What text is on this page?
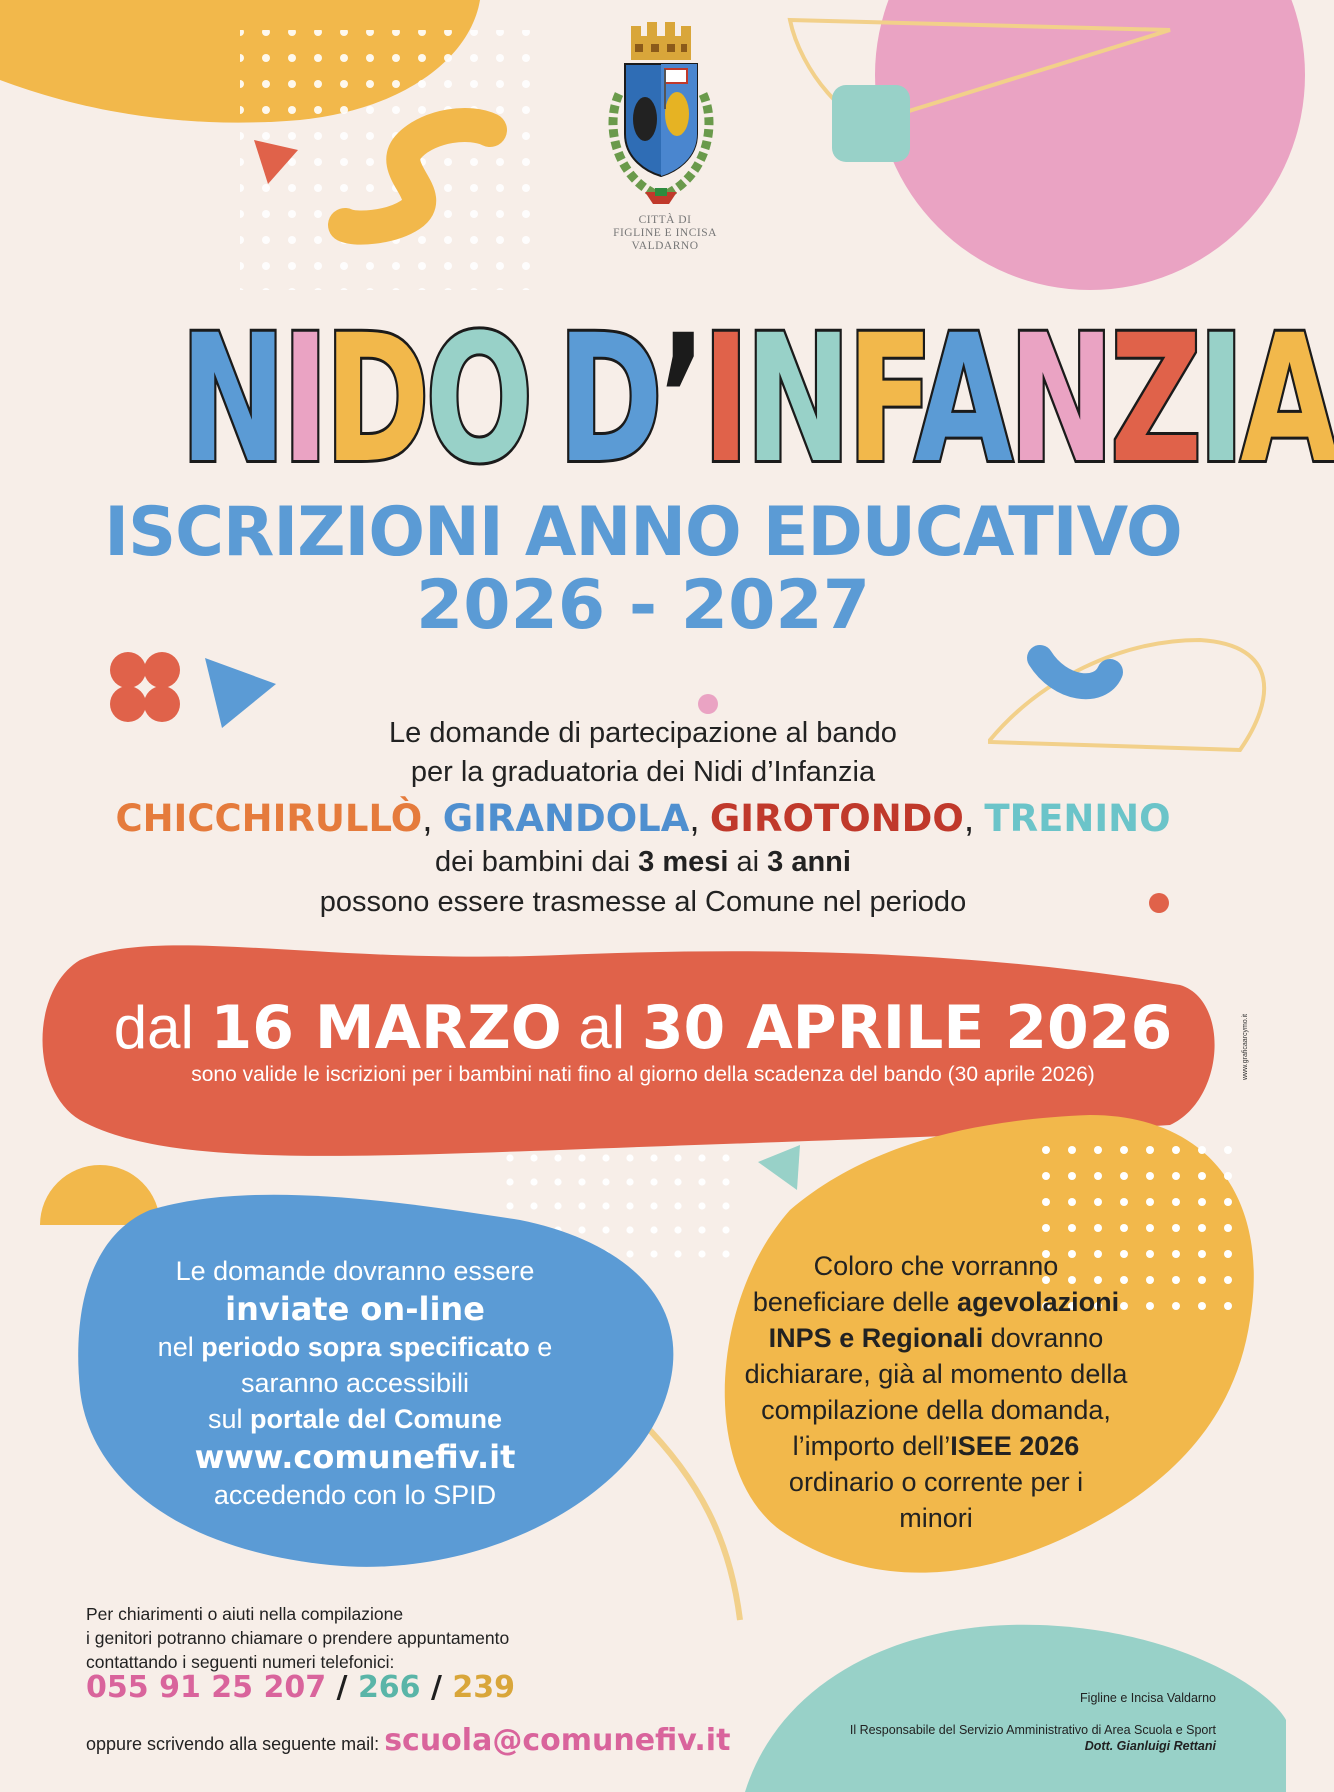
CITTÀ DI
FIGLINE E INCISA
VALDARNO
NIDO D’INFANZIA
ISCRIZIONI ANNO EDUCATIVO
2026 - 2027
Le domande di partecipazione al bando
per la graduatoria dei Nidi d’Infanzia
CHICCHIRULLÒ, GIRANDOLA, GIROTONDO, TRENINO
dei bambini dai 3 mesi ai 3 anni
possono essere trasmesse al Comune nel periodo
dal 16 MARZO al 30 APRILE 2026
sono valide le iscrizioni per i bambini nati fino al giorno della scadenza del bando (30 aprile 2026)
Le domande dovranno essere
inviate on-line
nel periodo sopra specificato e
saranno accessibili
sul portale del Comune
www.comunefiv.it
accedendo con lo SPID
Coloro che vorranno
beneficiare delle agevolazioni
INPS e Regionali dovranno
dichiarare, già al momento della
compilazione della domanda,
l’importo dell’ISEE 2026
ordinario o corrente per i
minori
Per chiarimenti o aiuti nella compilazione
i genitori potranno chiamare o prendere appuntamento
contattando i seguenti numeri telefonici:
055 91 25 207 / 266 / 239
oppure scrivendo alla seguente mail: scuola@comunefiv.it
Figline e Incisa Valdarno
Il Responsabile del Servizio Amministrativo di Area Scuola e Sport
Dott. Gianluigi Rettani
www.graficaarcymo.it
